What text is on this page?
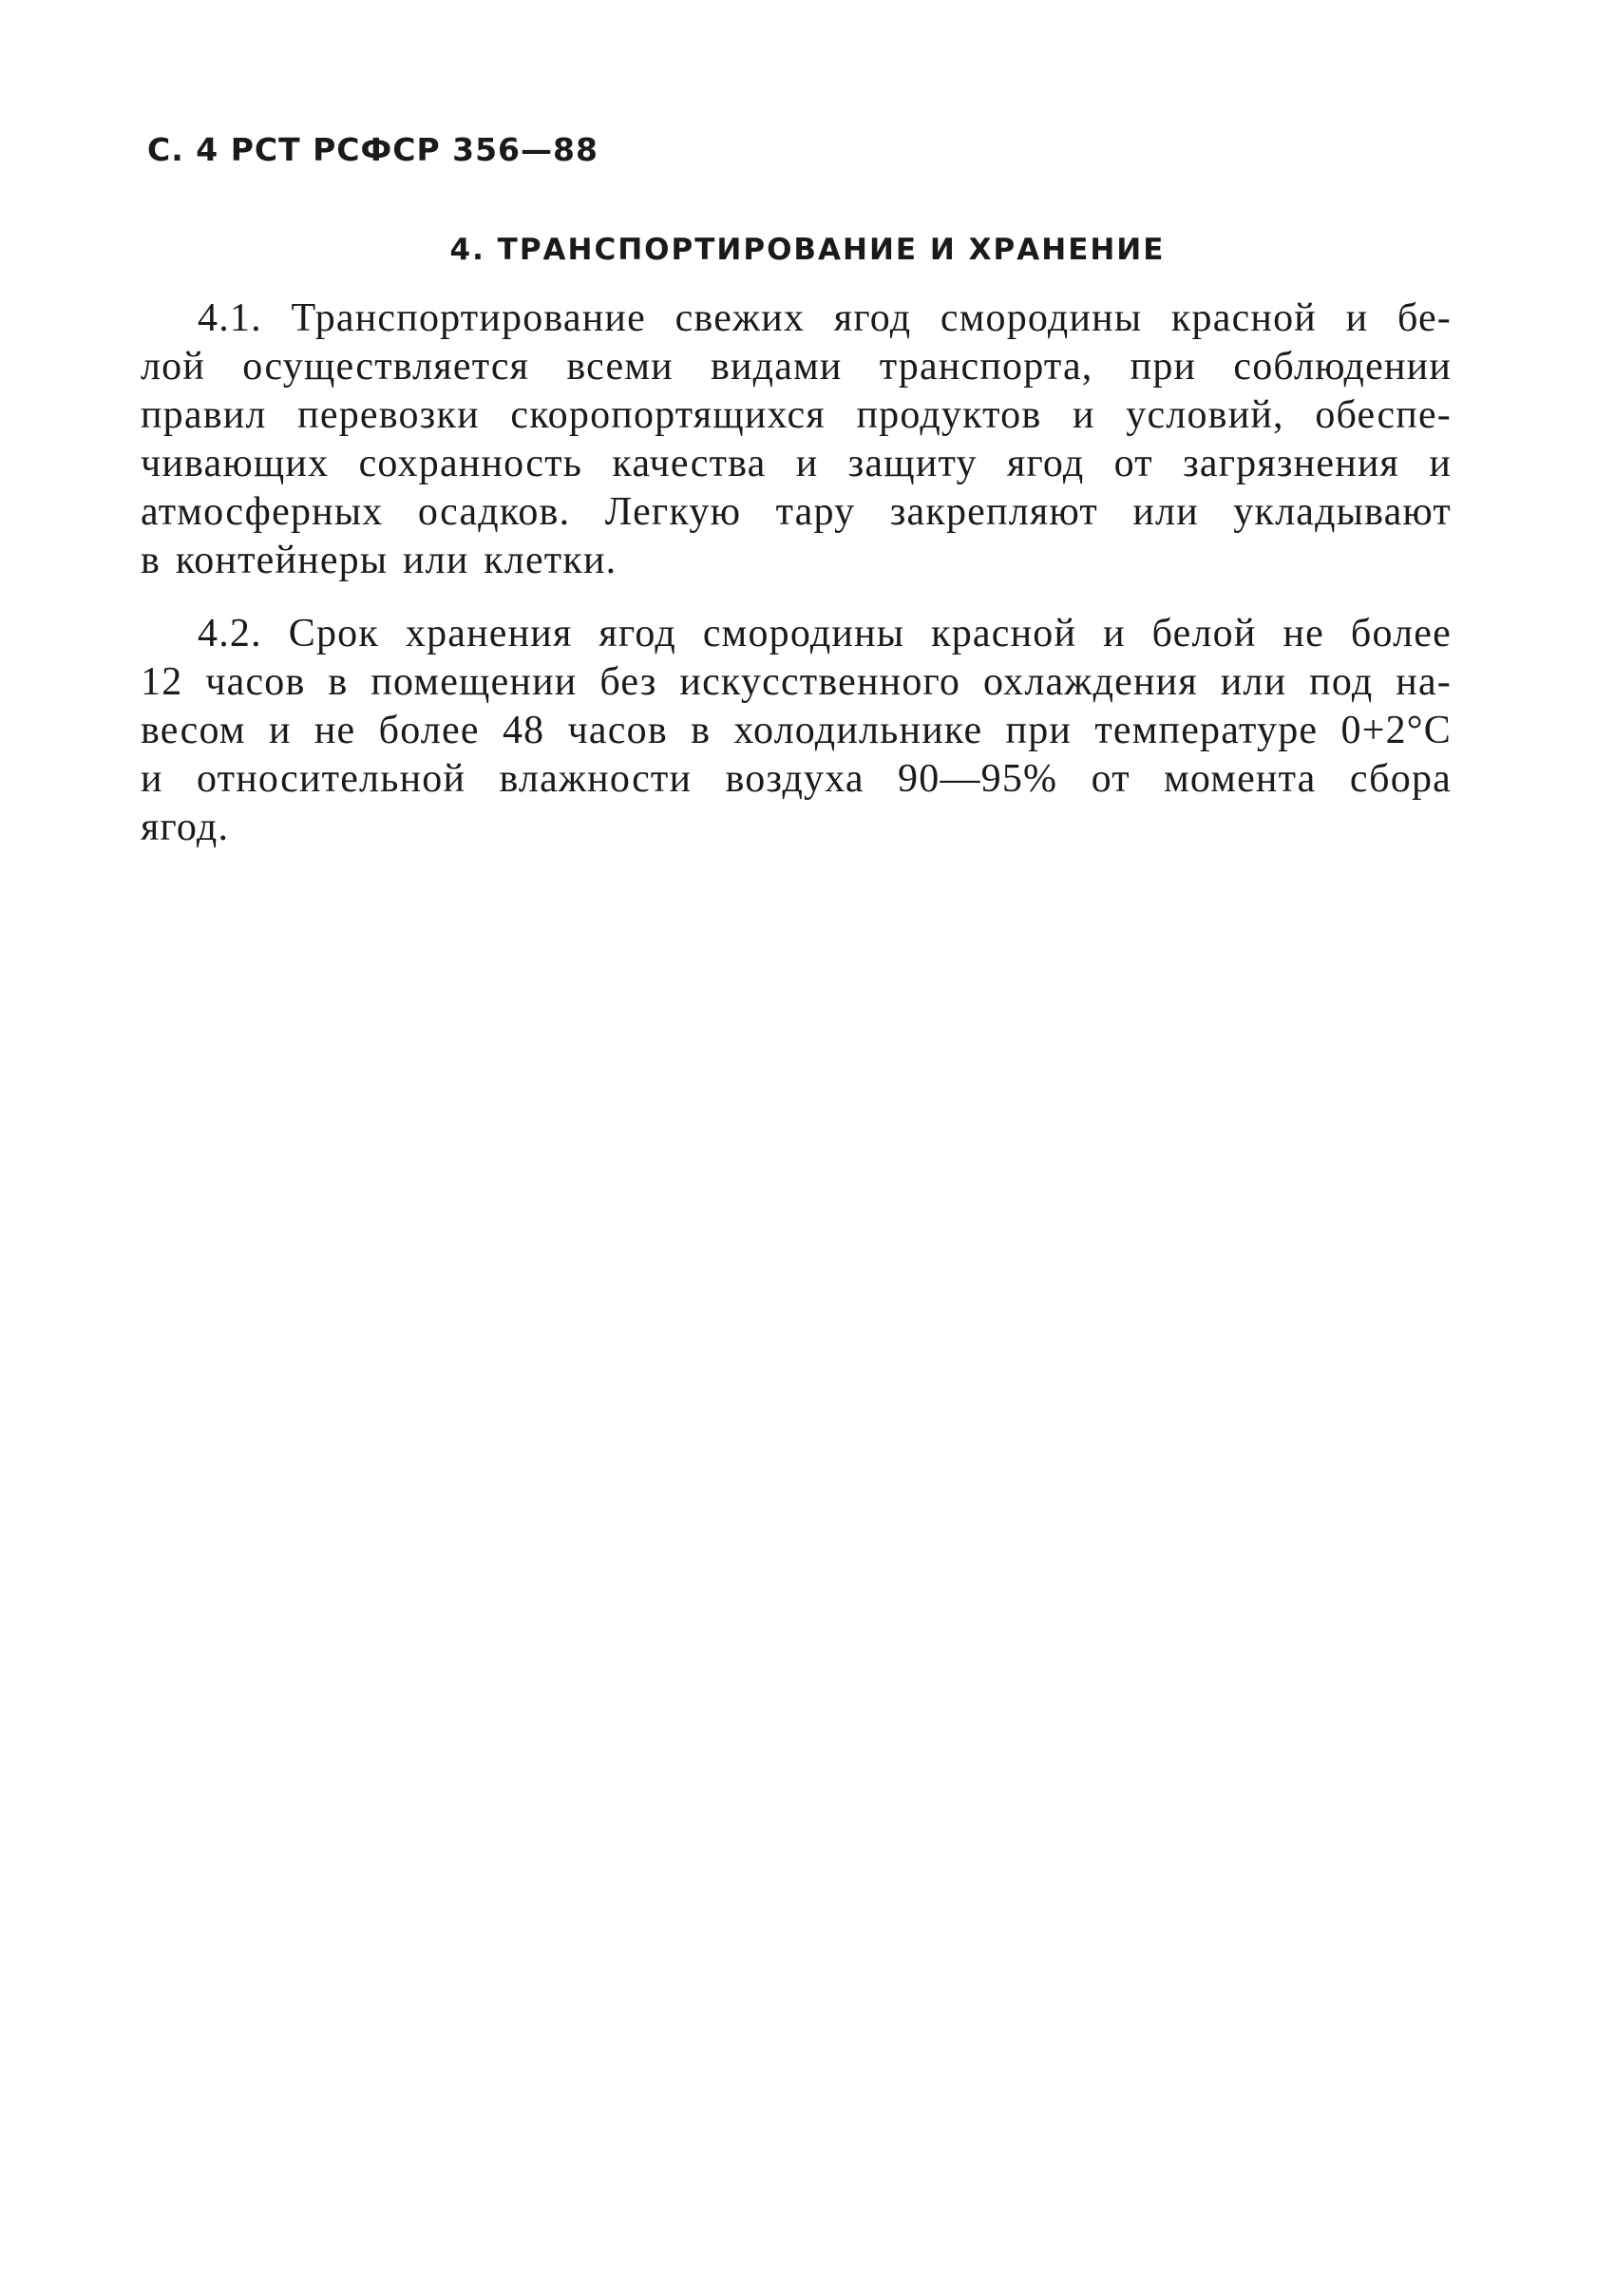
С. 4 РСТ РСФСР 356—88
4. ТРАНСПОРТИРОВАНИЕ И ХРАНЕНИЕ
4.1. Транспортирование свежих ягод смородины красной и бе-
лой осуществляется всеми видами транспорта, при соблюдении
правил перевозки скоропортящихся продуктов и условий, обеспе-
чивающих сохранность качества и защиту ягод от загрязнения и
атмосферных осадков. Легкую тару закрепляют или укладывают
в контейнеры или клетки.
4.2. Срок хранения ягод смородины красной и белой не более
12 часов в помещении без искусственного охлаждения или под на-
весом и не более 48 часов в холодильнике при температуре 0+2°С
и относительной влажности воздуха 90—95% от момента сбора
ягод.
